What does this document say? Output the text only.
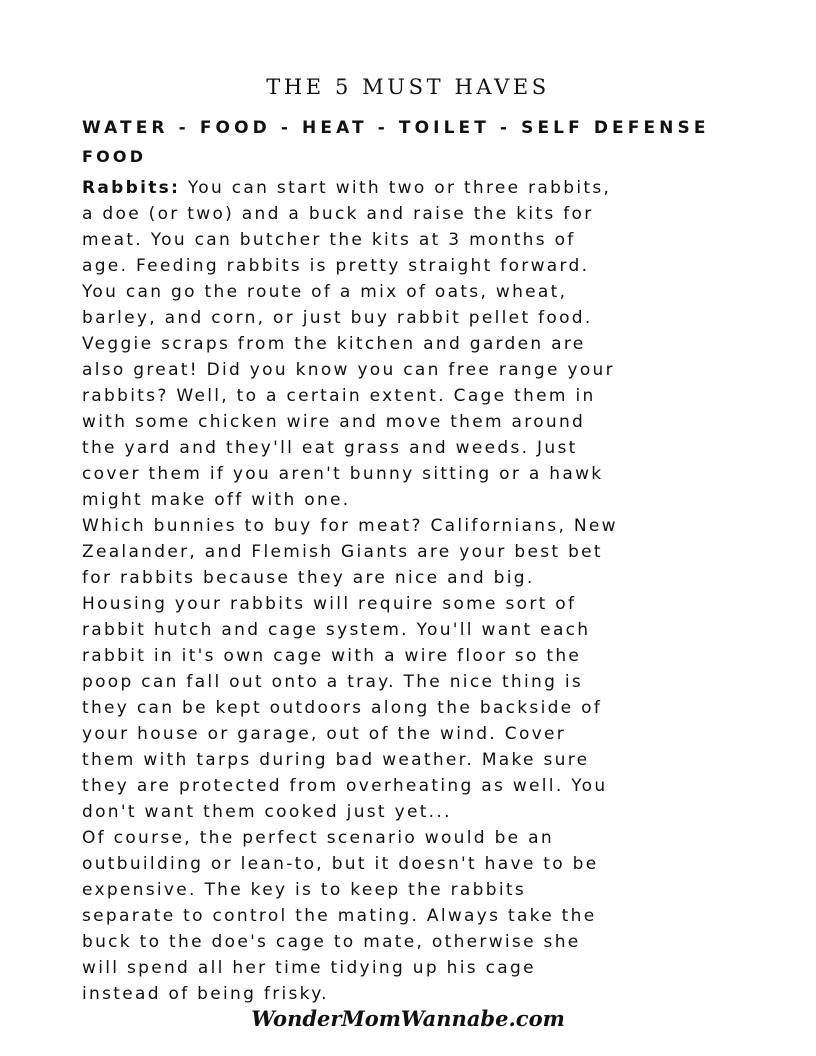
THE 5 MUST HAVES
WATER - FOOD - HEAT - TOILET - SELF DEFENSE
FOOD
Rabbits: You can start with two or three rabbits,
a doe (or two) and a buck and raise the kits for
meat. You can butcher the kits at 3 months of
age. Feeding rabbits is pretty straight forward.
You can go the route of a mix of oats, wheat,
barley, and corn, or just buy rabbit pellet food.
Veggie scraps from the kitchen and garden are
also great! Did you know you can free range your
rabbits? Well, to a certain extent. Cage them in
with some chicken wire and move them around
the yard and they'll eat grass and weeds. Just
cover them if you aren't bunny sitting or a hawk
might make off with one.
Which bunnies to buy for meat? Californians, New
Zealander, and Flemish Giants are your best bet
for rabbits because they are nice and big.
Housing your rabbits will require some sort of
rabbit hutch and cage system. You'll want each
rabbit in it's own cage with a wire floor so the
poop can fall out onto a tray. The nice thing is
they can be kept outdoors along the backside of
your house or garage, out of the wind. Cover
them with tarps during bad weather. Make sure
they are protected from overheating as well. You
don't want them cooked just yet...
Of course, the perfect scenario would be an
outbuilding or lean-to, but it doesn't have to be
expensive. The key is to keep the rabbits
separate to control the mating. Always take the
buck to the doe's cage to mate, otherwise she
will spend all her time tidying up his cage
instead of being frisky.
WonderMomWannabe.com
